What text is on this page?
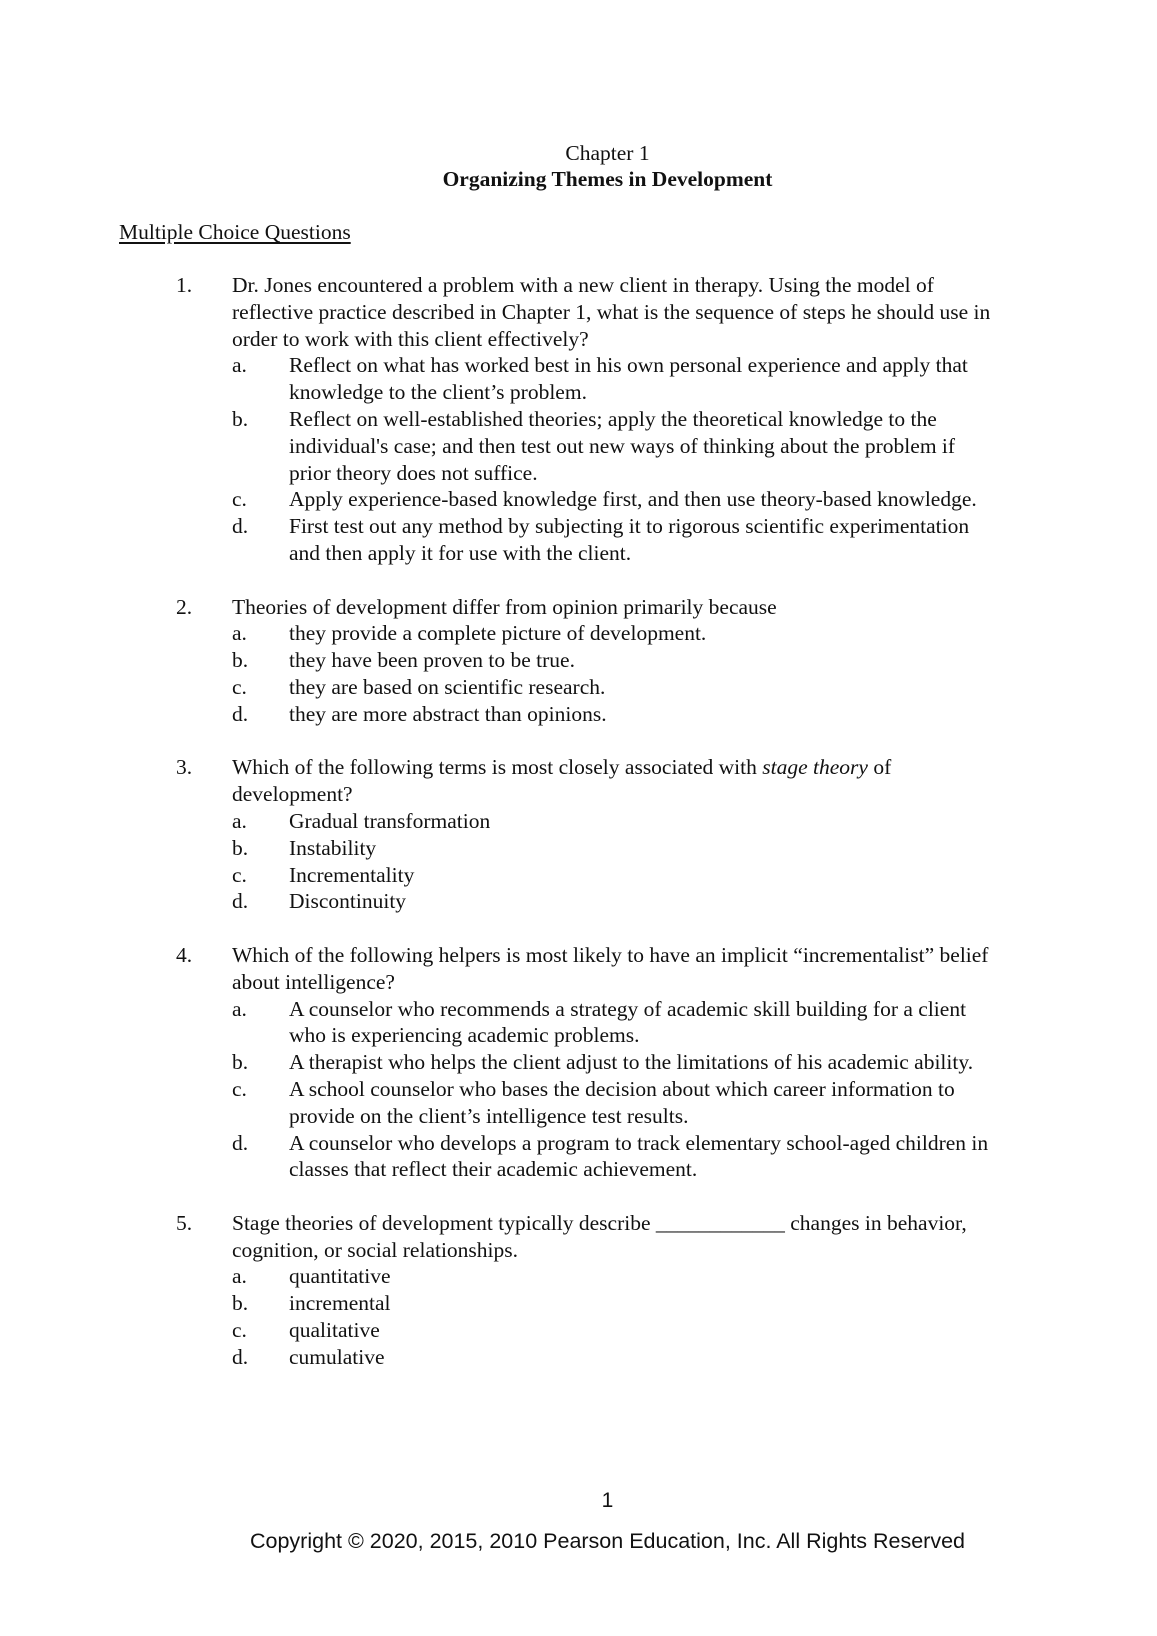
Chapter 1
Organizing Themes in Development
Multiple Choice Questions
1. Dr. Jones encountered a problem with a new client in therapy. Using the model of reflective practice described in Chapter 1, what is the sequence of steps he should use in order to work with this client effectively?
a. Reflect on what has worked best in his own personal experience and apply that knowledge to the client’s problem.
b. Reflect on well-established theories; apply the theoretical knowledge to the individual's case; and then test out new ways of thinking about the problem if prior theory does not suffice.
c. Apply experience-based knowledge first, and then use theory-based knowledge.
d. First test out any method by subjecting it to rigorous scientific experimentation and then apply it for use with the client.
2. Theories of development differ from opinion primarily because
a. they provide a complete picture of development.
b. they have been proven to be true.
c. they are based on scientific research.
d. they are more abstract than opinions.
3. Which of the following terms is most closely associated with stage theory of development?
a. Gradual transformation
b. Instability
c. Incrementality
d. Discontinuity
4. Which of the following helpers is most likely to have an implicit “incrementalist” belief about intelligence?
a. A counselor who recommends a strategy of academic skill building for a client who is experiencing academic problems.
b. A therapist who helps the client adjust to the limitations of his academic ability.
c. A school counselor who bases the decision about which career information to provide on the client’s intelligence test results.
d. A counselor who develops a program to track elementary school-aged children in classes that reflect their academic achievement.
5. Stage theories of development typically describe ____________ changes in behavior, cognition, or social relationships.
a. quantitative
b. incremental
c. qualitative
d. cumulative
1
Copyright © 2020, 2015, 2010 Pearson Education, Inc. All Rights Reserved
